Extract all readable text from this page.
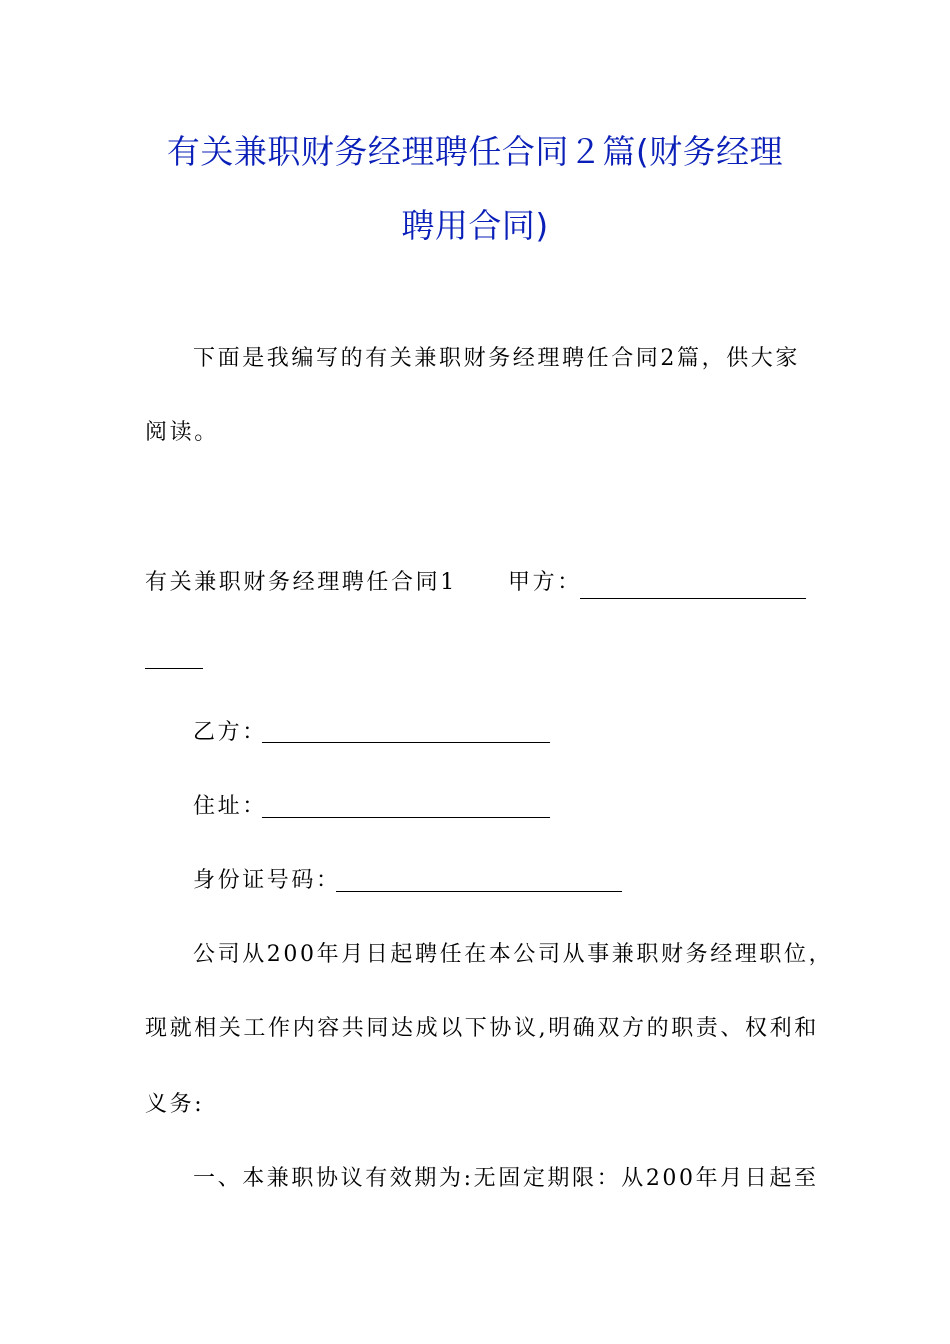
有关兼职财务经理聘任合同２篇(财务经理
聘用合同)
下面是我编写的有关兼职财务经理聘任合同2篇，供大家
阅读。
有关兼职财务经理聘任合同1 甲方：
乙方：
住址：
身份证号码：
公司从200年月日起聘任在本公司从事兼职财务经理职位，
现就相关工作内容共同达成以下协议,明确双方的职责、权利和
义务:
一、本兼职协议有效期为:无固定期限：从200年月日起至
